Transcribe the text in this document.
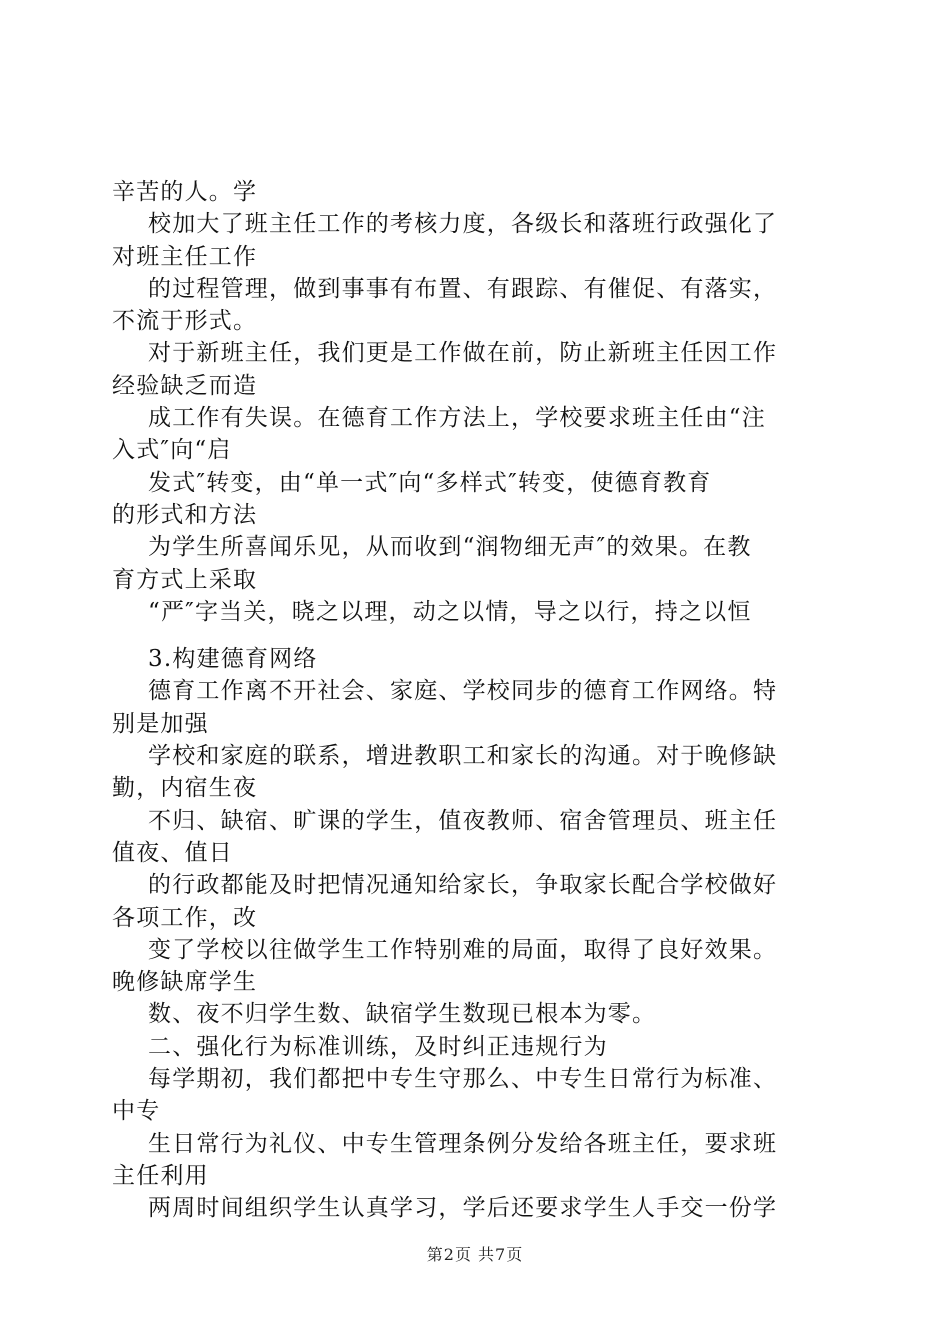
辛苦的人。学
校加大了班主任工作的考核力度，各级长和落班行政强化了
对班主任工作
的过程管理，做到事事有布置、有跟踪、有催促、有落实，
不流于形式。
对于新班主任，我们更是工作做在前，防止新班主任因工作
经验缺乏而造
成工作有失误。在德育工作方法上，学校要求班主任由“注
入式″向“启
发式″转变，由“单一式″向“多样式″转变，使德育教育
的形式和方法
为学生所喜闻乐见，从而收到“润物细无声″的效果。在教
育方式上采取
“严″字当关，晓之以理，动之以情，导之以行，持之以恒
3.构建德育网络
德育工作离不开社会、家庭、学校同步的德育工作网络。特
别是加强
学校和家庭的联系，增进教职工和家长的沟通。对于晚修缺
勤，内宿生夜
不归、缺宿、旷课的学生，值夜教师、宿舍管理员、班主任
值夜、值日
的行政都能及时把情况通知给家长，争取家长配合学校做好
各项工作，改
变了学校以往做学生工作特别难的局面，取得了良好效果。
晚修缺席学生
数、夜不归学生数、缺宿学生数现已根本为零。
二、强化行为标准训练，及时纠正违规行为
每学期初，我们都把中专生守那么、中专生日常行为标准、
中专
生日常行为礼仪、中专生管理条例分发给各班主任，要求班
主任利用
两周时间组织学生认真学习，学后还要求学生人手交一份学
第2页 共7页
